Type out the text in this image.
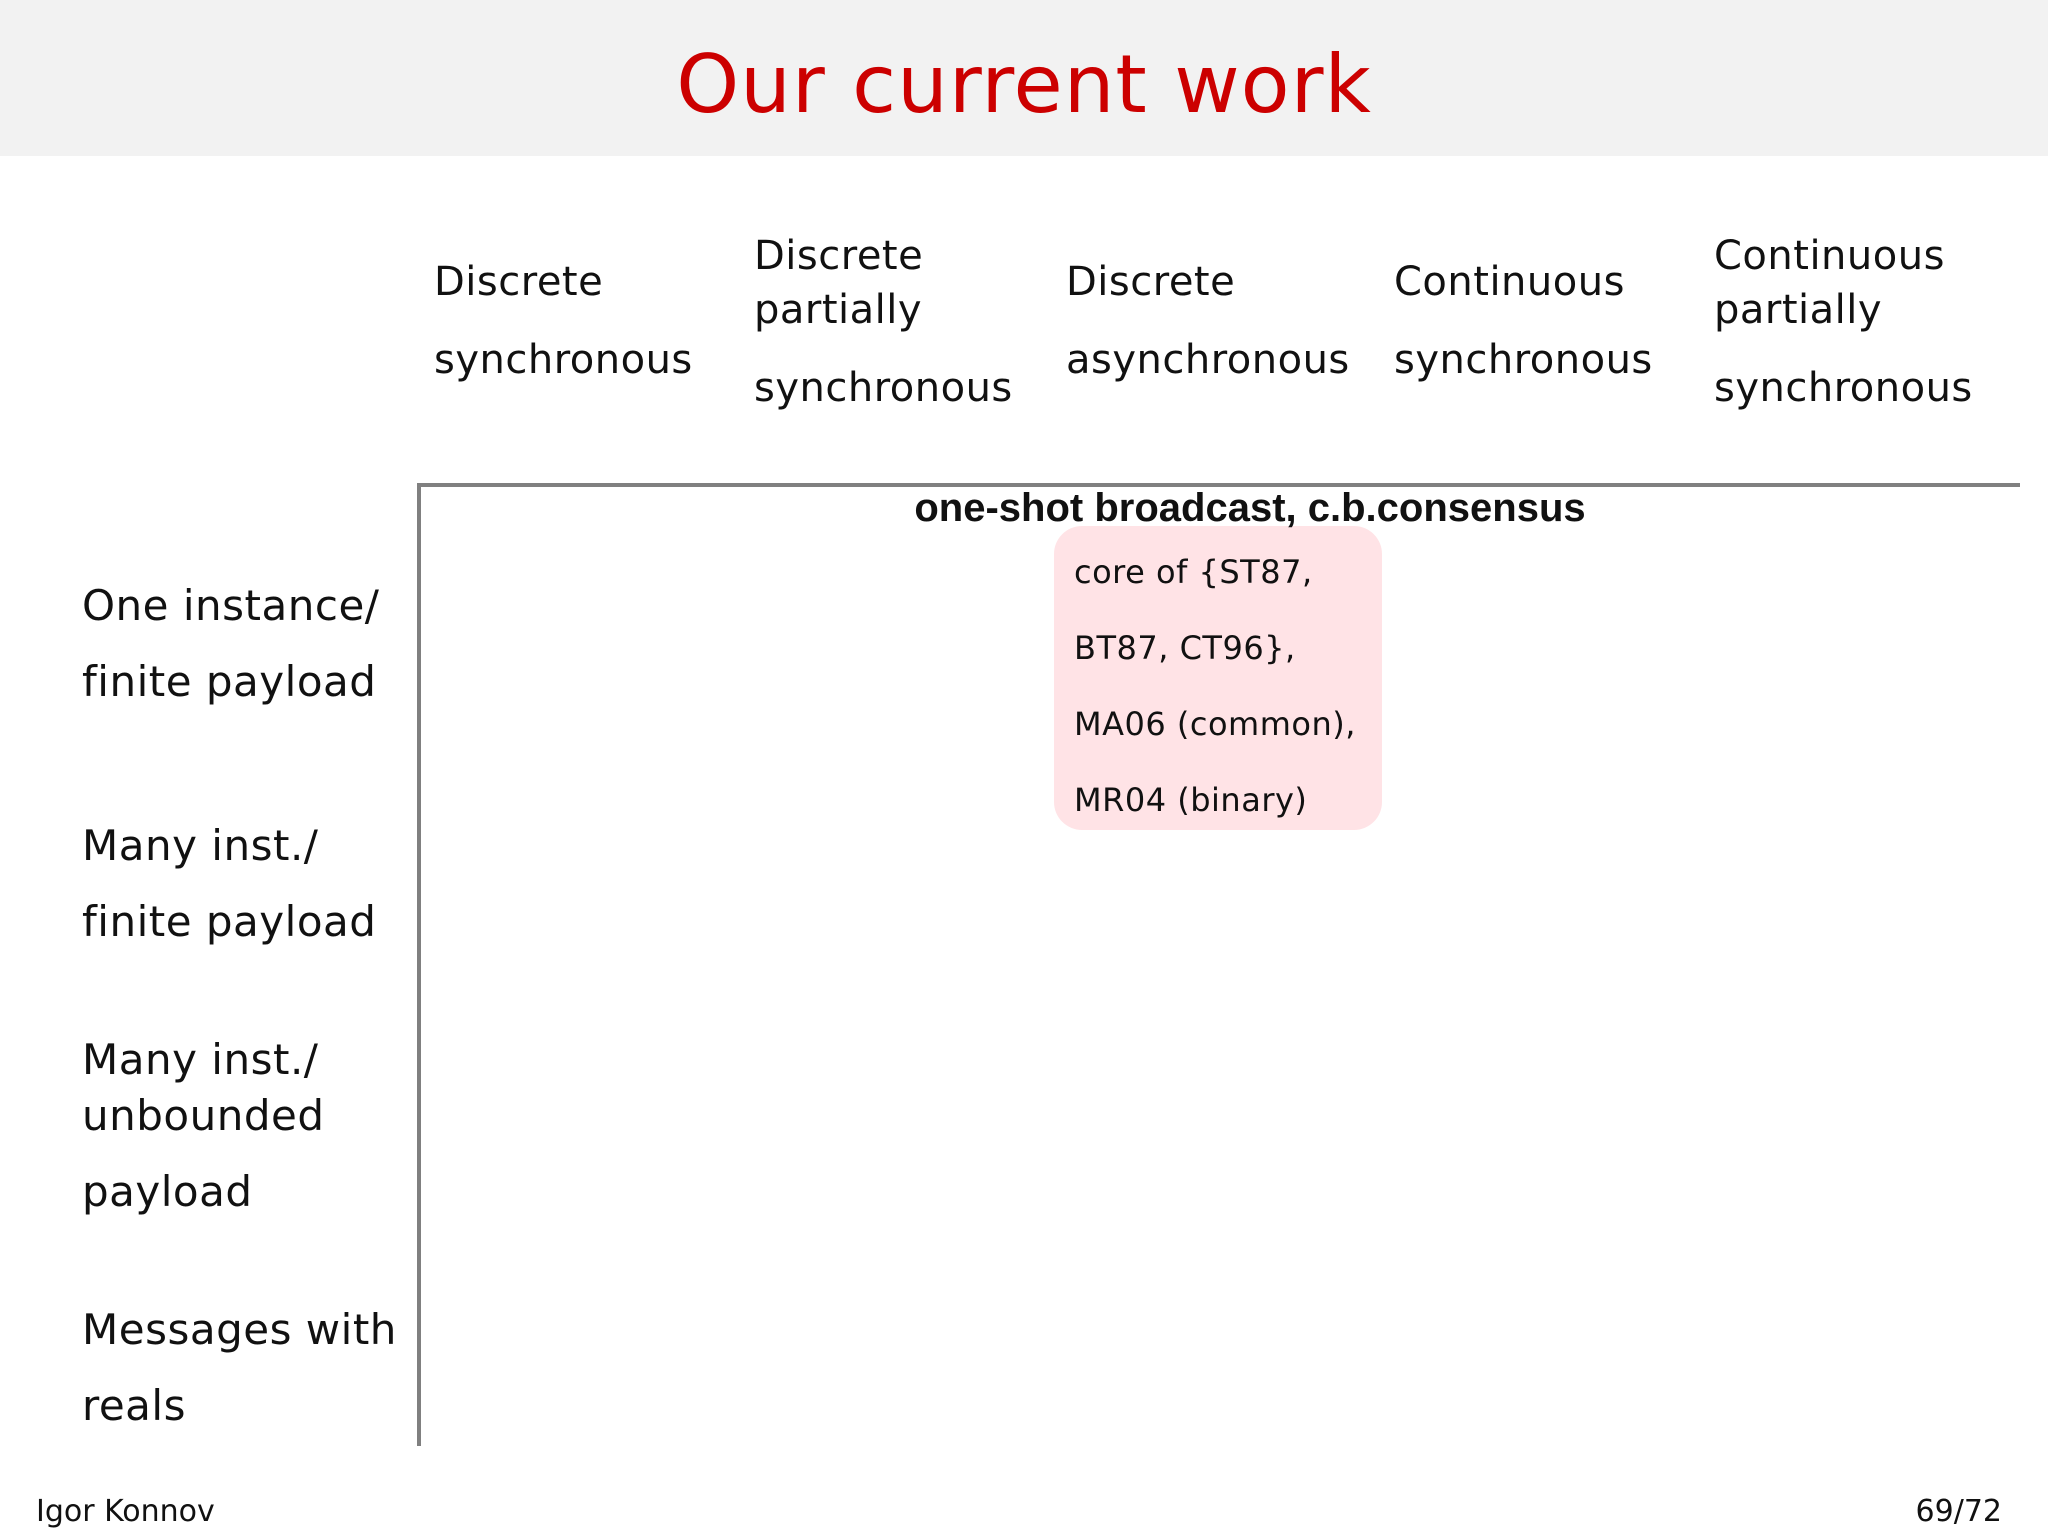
Our current work
Discrete
synchronous
Discrete
partially
synchronous
Discrete
asynchronous
Continuous
synchronous
Continuous
partially
synchronous
One instance/
finite payload
Many inst./
finite payload
Many inst./
unbounded
payload
Messages with
reals
one-shot broadcast, c.b.consensus
core of {ST87,
BT87, CT96},
MA06 (common),
MR04 (binary)
Igor Konnov	69/72
